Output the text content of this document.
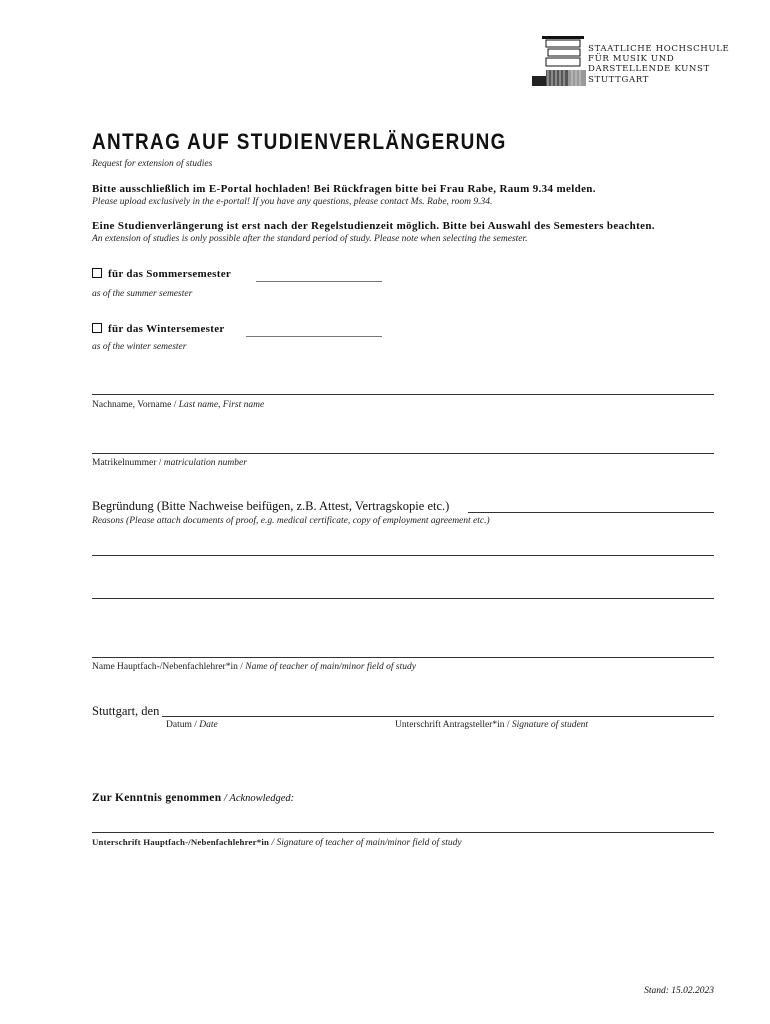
STAATLICHE HOCHSCHULE
FÜR MUSIK UND
DARSTELLENDE KUNST
STUTTGART
ANTRAG AUF STUDIENVERLÄNGERUNG
Request for extension of studies
Bitte ausschließlich im E-Portal hochladen! Bei Rückfragen bitte bei Frau Rabe, Raum 9.34 melden.
Please upload exclusively in the e-portal! If you have any questions, please contact Ms. Rabe, room 9.34.
Eine Studienverlängerung ist erst nach der Regelstudienzeit möglich. Bitte bei Auswahl des Semesters beachten.
An extension of studies is only possible after the standard period of study. Please note when selecting the semester.
für das Sommersemester
as of the summer semester
für das Wintersemester
as of the winter semester
Nachname, Vorname / Last name, First name
Matrikelnummer / matriculation number
Begründung (Bitte Nachweise beifügen, z.B. Attest, Vertragskopie etc.)
Reasons (Please attach documents of proof, e.g. medical certificate, copy of employment agreement etc.)
Name Hauptfach-/Nebenfachlehrer*in / Name of teacher of main/minor field of study
Stuttgart, den
Datum / Date	Unterschrift Antragsteller*in / Signature of student
Zur Kenntnis genommen / Acknowledged:
Unterschrift Hauptfach-/Nebenfachlehrer*in / Signature of teacher of main/minor field of study
Stand: 15.02.2023
